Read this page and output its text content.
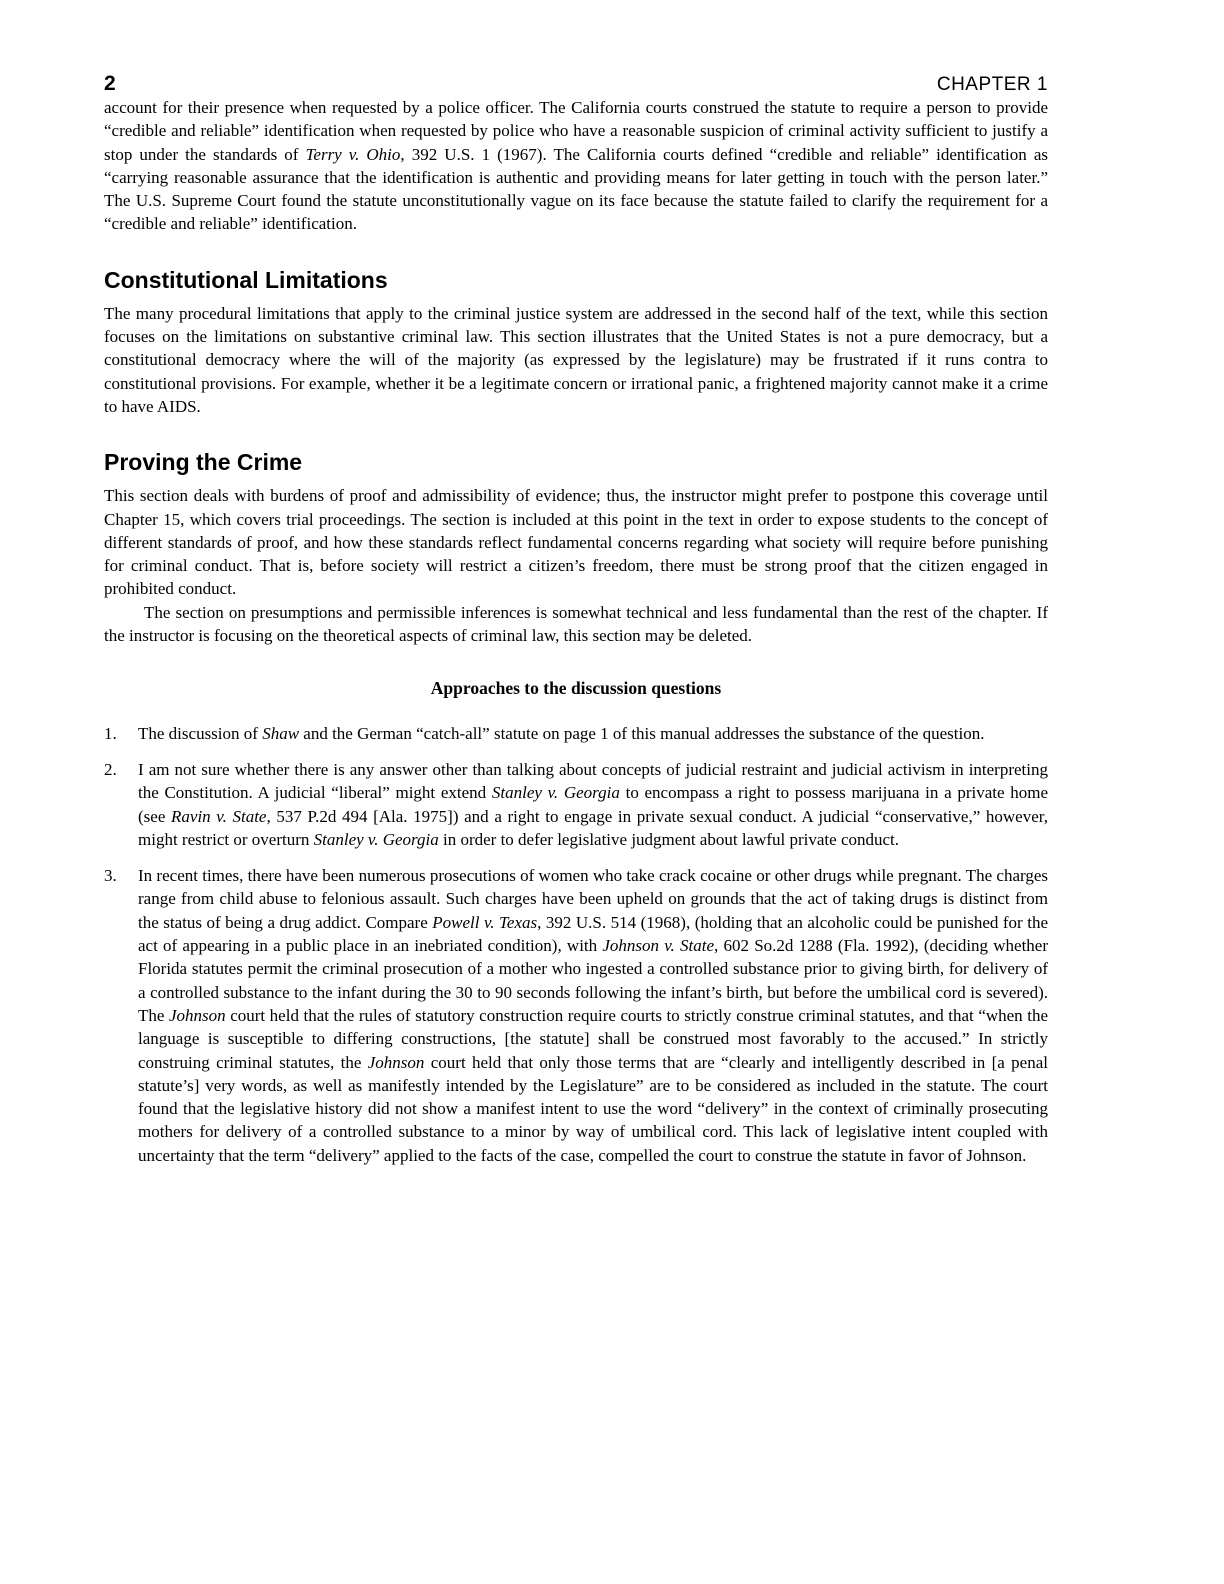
2	CHAPTER 1

account for their presence when requested by a police officer. The California courts construed the statute to require a person to provide “credible and reliable” identification when requested by police who have a reasonable suspicion of criminal activity sufficient to justify a stop under the standards of Terry v. Ohio, 392 U.S. 1 (1967). The California courts defined “credible and reliable” identification as “carrying reasonable assurance that the identification is authentic and providing means for later getting in touch with the person later.” The U.S. Supreme Court found the statute unconstitutionally vague on its face because the statute failed to clarify the requirement for a “credible and reliable” identification.

Constitutional Limitations

The many procedural limitations that apply to the criminal justice system are addressed in the second half of the text, while this section focuses on the limitations on substantive criminal law. This section illustrates that the United States is not a pure democracy, but a constitutional democracy where the will of the majority (as expressed by the legislature) may be frustrated if it runs contra to constitutional provisions. For example, whether it be a legitimate concern or irrational panic, a frightened majority cannot make it a crime to have AIDS.

Proving the Crime

This section deals with burdens of proof and admissibility of evidence; thus, the instructor might prefer to postpone this coverage until Chapter 15, which covers trial proceedings. The section is included at this point in the text in order to expose students to the concept of different standards of proof, and how these standards reflect fundamental concerns regarding what society will require before punishing for criminal conduct. That is, before society will restrict a citizen’s freedom, there must be strong proof that the citizen engaged in prohibited conduct.

The section on presumptions and permissible inferences is somewhat technical and less fundamental than the rest of the chapter. If the instructor is focusing on the theoretical aspects of criminal law, this section may be deleted.

Approaches to the discussion questions
1.	The discussion of Shaw and the German “catch-all” statute on page 1 of this manual addresses the substance of the question.
2.	I am not sure whether there is any answer other than talking about concepts of judicial restraint and judicial activism in interpreting the Constitution. A judicial “liberal” might extend Stanley v. Georgia to encompass a right to possess marijuana in a private home (see Ravin v. State, 537 P.2d 494 [Ala. 1975]) and a right to engage in private sexual conduct. A judicial “conservative,” however, might restrict or overturn Stanley v. Georgia in order to defer legislative judgment about lawful private conduct.
3.	In recent times, there have been numerous prosecutions of women who take crack cocaine or other drugs while pregnant. The charges range from child abuse to felonious assault. Such charges have been upheld on grounds that the act of taking drugs is distinct from the status of being a drug addict. Compare Powell v. Texas, 392 U.S. 514 (1968), (holding that an alcoholic could be punished for the act of appearing in a public place in an inebriated condition), with Johnson v. State, 602 So.2d 1288 (Fla. 1992), (deciding whether Florida statutes permit the criminal prosecution of a mother who ingested a controlled substance prior to giving birth, for delivery of a controlled substance to the infant during the 30 to 90 seconds following the infant’s birth, but before the umbilical cord is severed). The Johnson court held that the rules of statutory construction require courts to strictly construe criminal statutes, and that “when the language is susceptible to differing constructions, [the statute] shall be construed most favorably to the accused.” In strictly construing criminal statutes, the Johnson court held that only those terms that are “clearly and intelligently described in [a penal statute’s] very words, as well as manifestly intended by the Legislature” are to be considered as included in the statute. The court found that the legislative history did not show a manifest intent to use the word “delivery” in the context of criminally prosecuting mothers for delivery of a controlled substance to a minor by way of umbilical cord. This lack of legislative intent coupled with uncertainty that the term “delivery” applied to the facts of the case, compelled the court to construe the statute in favor of Johnson.
